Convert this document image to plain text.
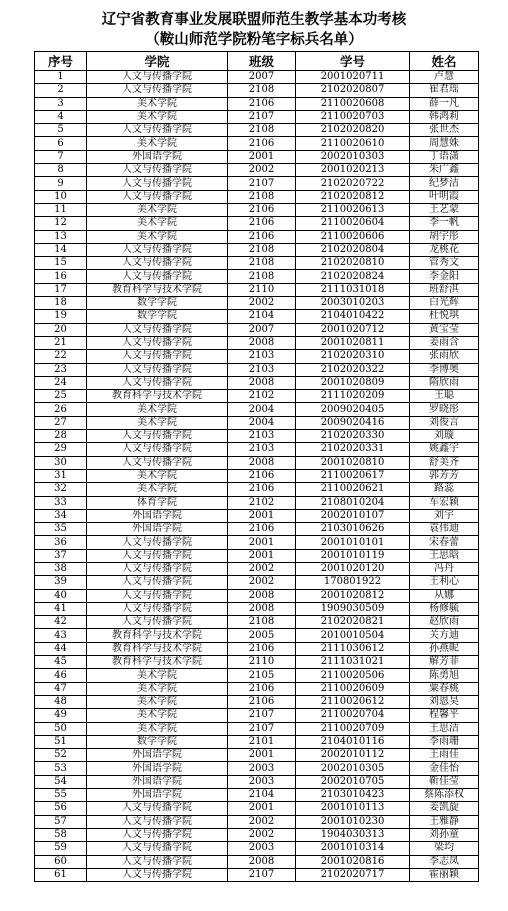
辽宁省教育事业发展联盟师范生教学基本功考核
（鞍山师范学院粉笔字标兵名单）
序号	学院	班级	学号	姓名
1	人文与传播学院	2007	2001020711	卢慧
2	人文与传播学院	2108	2102020807	崔君瑶
3	美术学院	2106	2110020608	薛一凡
4	美术学院	2107	2110020703	韩鸿莉
5	人文与传播学院	2108	2102020820	张世杰
6	美术学院	2106	2110020610	周慧姝
7	外国语学院	2001	2002010303	丁语潇
8	人文与传播学院	2002	2001020213	朱广鑫
9	人文与传播学院	2107	2102020722	纪梦洁
10	人文与传播学院	2108	2102020812	叶明霞
11	美术学院	2106	2110020613	王艺蒙
12	美术学院	2106	2110020604	李一帆
13	美术学院	2106	2110020606	胡宇彤
14	人文与传播学院	2108	2102020804	龙桃花
15	人文与传播学院	2108	2102020810	管秀文
16	人文与传播学院	2108	2102020824	李金阳
17	教育科学与技术学院	2110	2111031018	班舒淇
18	数学学院	2002	2003010203	白光辉
19	数学学院	2104	2104010422	杜悦琪
20	人文与传播学院	2007	2001020712	黄宝莹
21	人文与传播学院	2008	2001020811	姜雨含
22	人文与传播学院	2103	2102020310	张雨欣
23	人文与传播学院	2103	2102020322	李博奥
24	人文与传播学院	2008	2001020809	隋欣雨
25	教育科学与技术学院	2102	2111020209	王聪
26	美术学院	2004	2009020405	罗晓彤
27	美术学院	2004	2009020416	刘俊言
28	人文与传播学院	2103	2102020330	刘璇
29	人文与传播学院	2103	2102020331	姚鑫宇
30	人文与传播学院	2008	2001020810	舒美齐
31	美术学院	2106	2110020617	郭芳芳
32	美术学院	2106	2110020621	路蕊
33	体育学院	2102	2108010204	车宏颖
34	外国语学院	2001	2002010107	刘宇
35	外国语学院	2106	2103010626	袁伟迪
36	人文与传播学院	2001	2001010101	宋春蕾
37	人文与传播学院	2001	2001010119	王思晗
38	人文与传播学院	2002	2001020120	冯丹
39	人文与传播学院	2002	170801922	王利心
40	人文与传播学院	2008	2001020812	从娜
41	人文与传播学院	2008	1909030509	杨修毓
42	人文与传播学院	2108	2102020821	赵欣雨
43	教育科学与技术学院	2005	2010010504	关方迪
44	教育科学与技术学院	2106	2111030612	孙燕昵
45	教育科学与技术学院	2110	2111031021	解芳菲
46	美术学院	2105	2110020506	陈勇旭
47	美术学院	2106	2110020609	粟春桃
48	美术学院	2106	2110020612	刘恩昊
49	美术学院	2107	2110020704	程馨平
50	美术学院	2107	2110020709	王思洁
51	数学学院	2101	2104010116	李雨珊
52	外国语学院	2001	2002010112	王雨佳
53	外国语学院	2003	2002010305	金佳怡
54	外国语学院	2003	2002010705	靳佳莹
55	外国语学院	2104	2103010423	蔡陈添权
56	人文与传播学院	2001	2001010113	姜凯旋
57	人文与传播学院	2002	2001010230	王雅静
58	人文与传播学院	2002	1904030313	刘孙童
59	人文与传播学院	2003	2001010314	梁均
60	人文与传播学院	2008	2001020816	李志凤
61	人文与传播学院	2107	2102020717	霍丽颖
